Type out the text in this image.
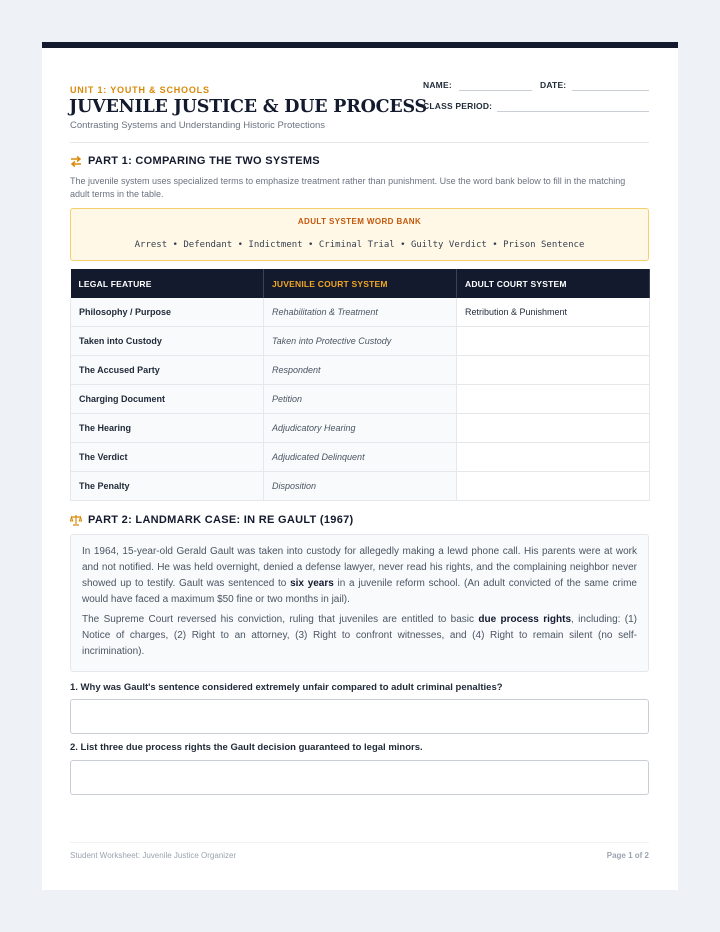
UNIT 1: YOUTH & SCHOOLS
JUVENILE JUSTICE & DUE PROCESS
Contrasting Systems and Understanding Historic Protections
NAME:	DATE:
CLASS PERIOD:
PART 1: COMPARING THE TWO SYSTEMS
The juvenile system uses specialized terms to emphasize treatment rather than punishment. Use the word bank below to fill in the matching adult terms in the table.
ADULT SYSTEM WORD BANK
Arrest • Defendant • Indictment • Criminal Trial • Guilty Verdict • Prison Sentence
LEGAL FEATURE	JUVENILE COURT SYSTEM	ADULT COURT SYSTEM
Philosophy / Purpose	Rehabilitation & Treatment	Retribution & Punishment
Taken into Custody	Taken into Protective Custody	
The Accused Party	Respondent	
Charging Document	Petition	
The Hearing	Adjudicatory Hearing	
The Verdict	Adjudicated Delinquent	
The Penalty	Disposition	
PART 2: LANDMARK CASE: IN RE GAULT (1967)

In 1964, 15-year-old Gerald Gault was taken into custody for allegedly making a lewd phone call. His parents were at work and not notified. He was held overnight, denied a defense lawyer, never read his rights, and the complaining neighbor never showed up to testify. Gault was sentenced to six years in a juvenile reform school. (An adult convicted of the same crime would have faced a maximum $50 fine or two months in jail).

The Supreme Court reversed his conviction, ruling that juveniles are entitled to basic due process rights, including: (1) Notice of charges, (2) Right to an attorney, (3) Right to confront witnesses, and (4) Right to remain silent (no self-incrimination).

1. Why was Gault's sentence considered extremely unfair compared to adult criminal penalties?
2. List three due process rights the Gault decision guaranteed to legal minors.
Student Worksheet: Juvenile Justice Organizer	Page 1 of 2
